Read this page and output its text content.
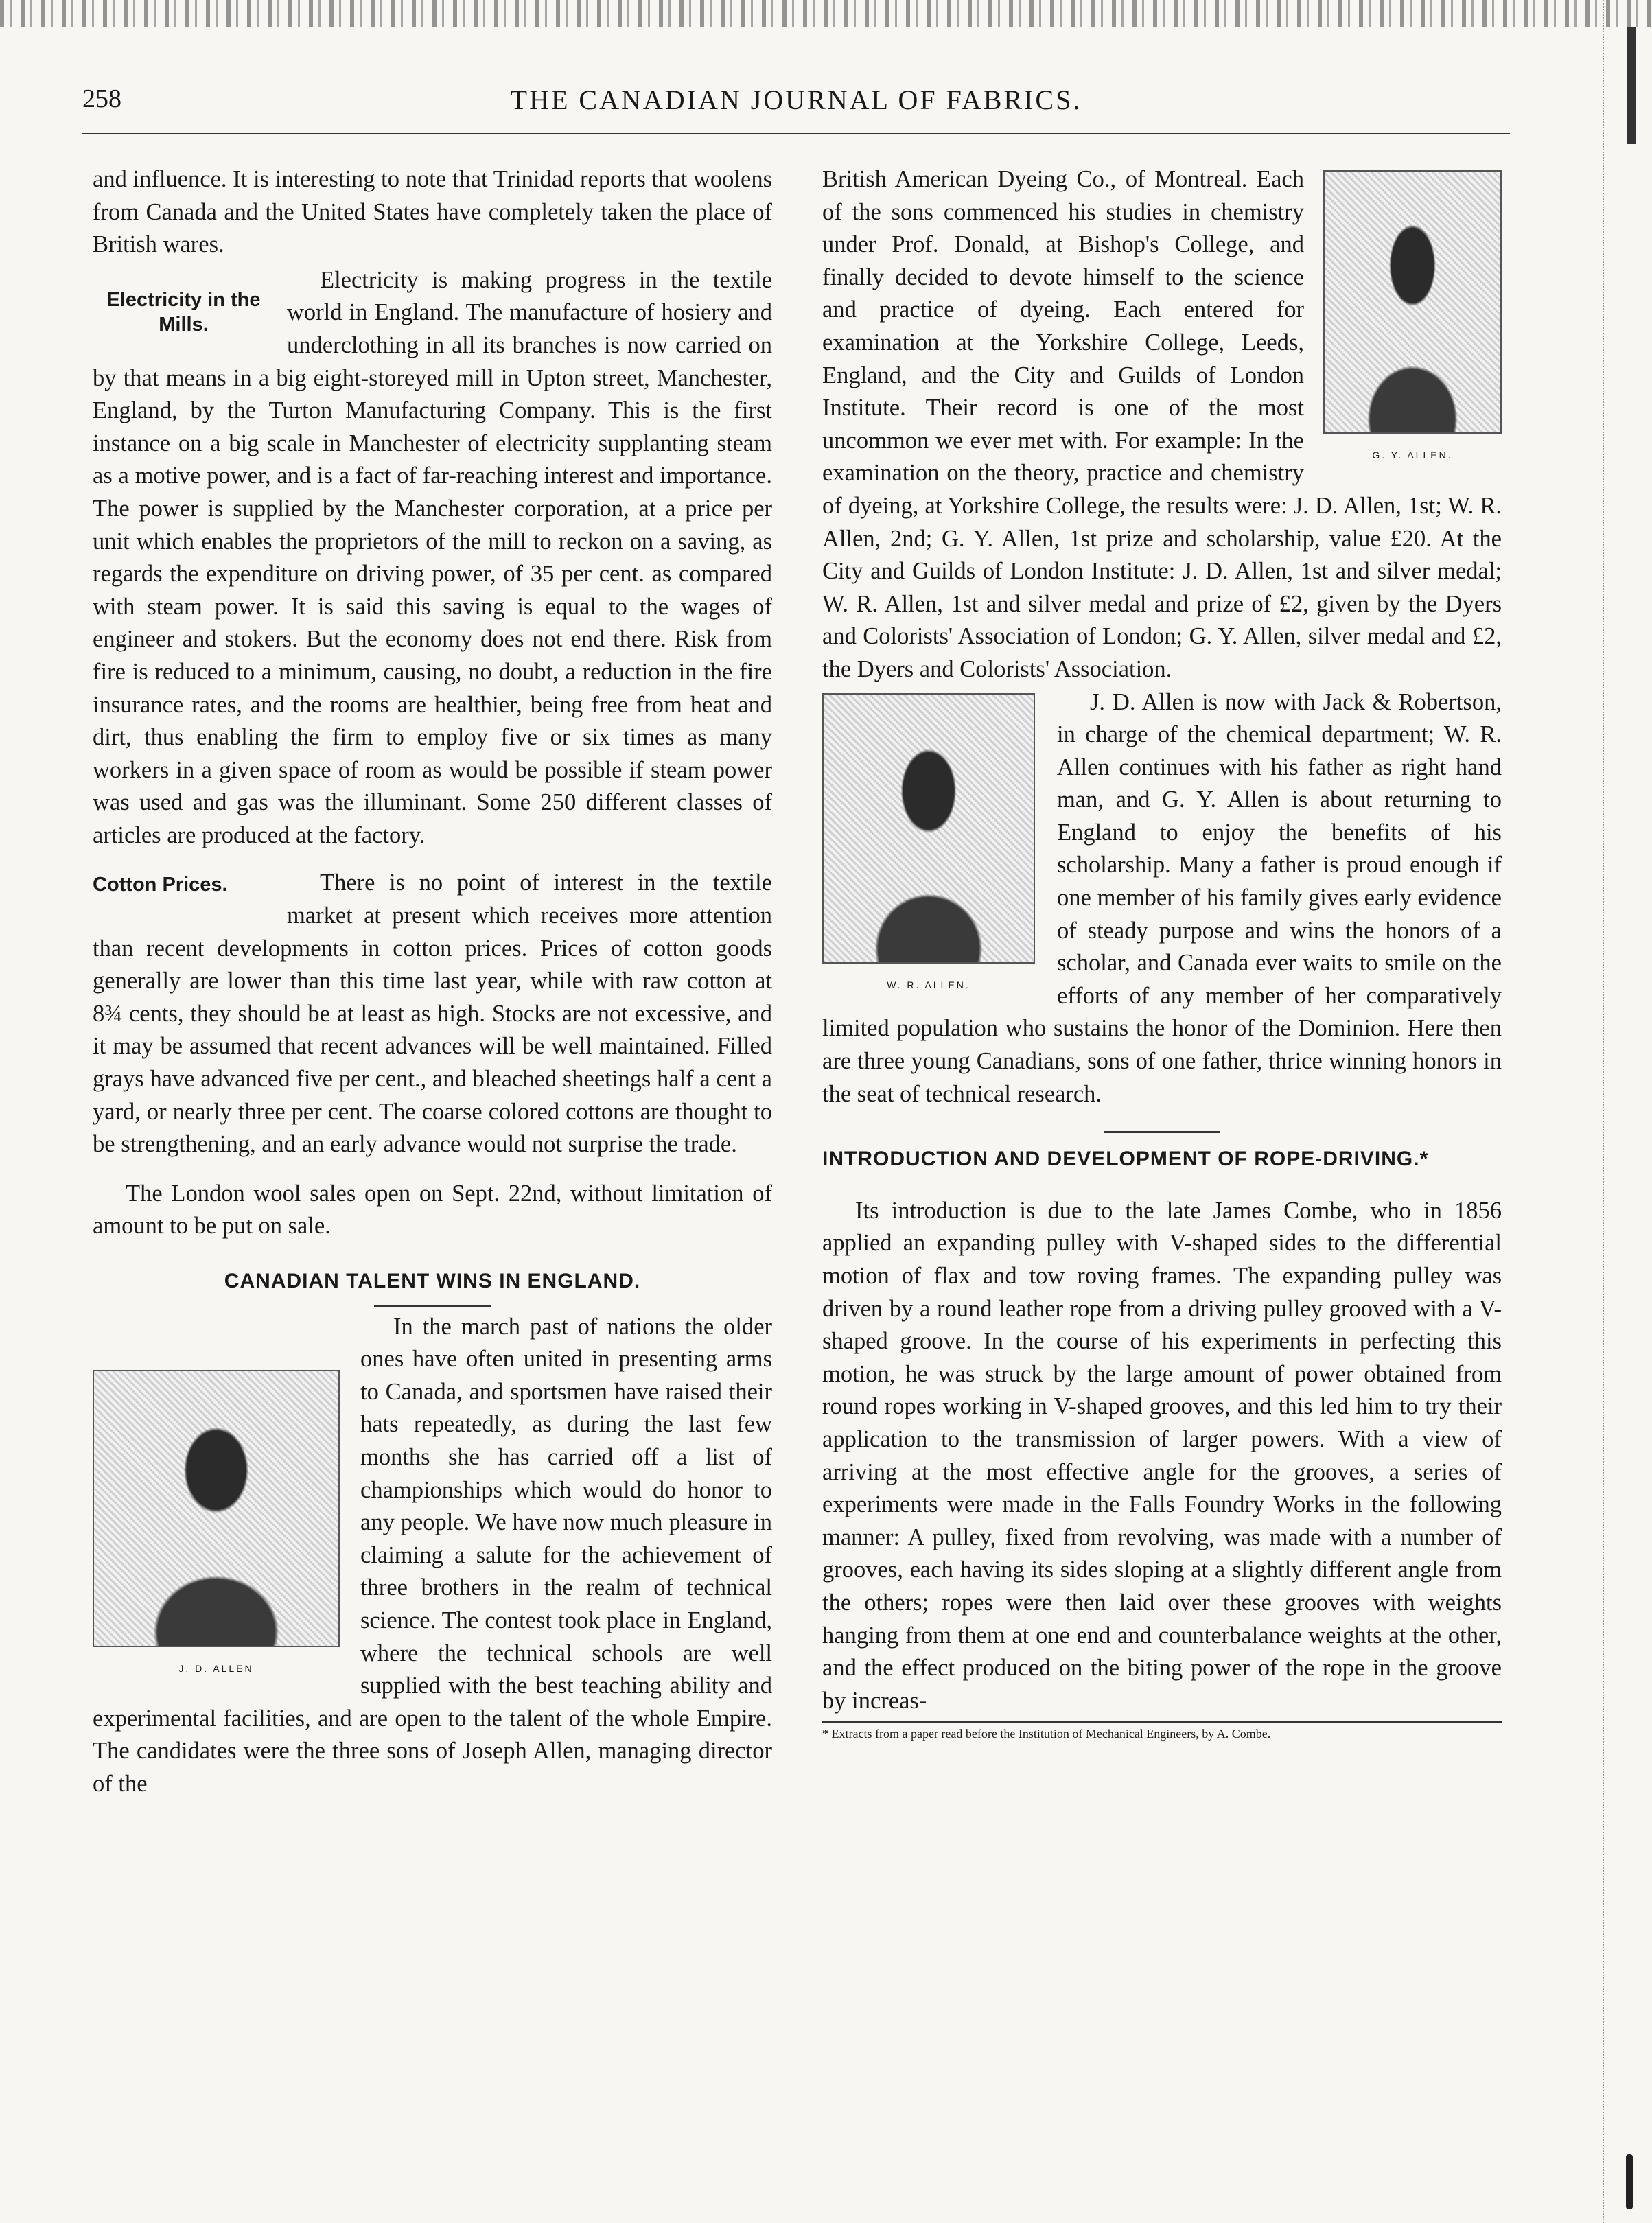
258	THE CANADIAN JOURNAL OF FABRICS.

and influence. It is interesting to note that Trinidad reports that woolens from Canada and the United States have completely taken the place of British wares.

Electricity in the Mills.

Electricity is making progress in the textile world in England. The manufacture of hosiery and underclothing in all its branches is now carried on by that means in a big eight-storeyed mill in Upton street, Manchester, England, by the Turton Manufacturing Company. This is the first instance on a big scale in Manchester of electricity supplanting steam as a motive power, and is a fact of far-reaching interest and importance. The power is supplied by the Manchester corporation, at a price per unit which enables the proprietors of the mill to reckon on a saving, as regards the expenditure on driving power, of 35 per cent. as compared with steam power. It is said this saving is equal to the wages of engineer and stokers. But the economy does not end there. Risk from fire is reduced to a minimum, causing, no doubt, a reduction in the fire insurance rates, and the rooms are healthier, being free from heat and dirt, thus enabling the firm to employ five or six times as many workers in a given space of room as would be possible if steam power was used and gas was the illuminant. Some 250 different classes of articles are produced at the factory.

Cotton Prices.	There is no point of interest in the textile market at present which receives more attention than recent developments in cotton prices. Prices of cotton goods generally are lower than this time last year, while with raw cotton at 8¾ cents, they should be at least as high. Stocks are not excessive, and it may be assumed that recent advances will be well maintained. Filled grays have advanced five per cent., and bleached sheetings half a cent a yard, or nearly three per cent. The coarse colored cottons are thought to be strengthening, and an early advance would not surprise the trade.

The London wool sales open on Sept. 22nd, without limitation of amount to be put on sale.

CANADIAN TALENT WINS IN ENGLAND.
J. D. ALLEN

In the march past of nations the older ones have often united in presenting arms to Canada, and sportsmen have raised their hats repeatedly, as during the last few months she has carried off a list of championships which would do honor to any people. We have now much pleasure in claiming a salute for the achievement of three brothers in the realm of technical science. The contest took place in England, where the technical schools are well supplied with the best teaching ability and experimental facilities, and are open to the talent of the whole Empire. The candidates were the three sons of Joseph Allen, managing director of the

G. Y. ALLEN.

British American Dyeing Co., of Montreal. Each of the sons commenced his studies in chemistry under Prof. Donald, at Bishop's College, and finally decided to devote himself to the science and practice of dyeing. Each entered for examination at the Yorkshire College, Leeds, England, and the City and Guilds of London Institute. Their record is one of the most uncommon we ever met with. For example: In the examination on the theory, practice and chemistry of dyeing, at Yorkshire College, the results were: J. D. Allen, 1st; W. R. Allen, 2nd; G. Y. Allen, 1st prize and scholarship, value £20. At the City and Guilds of London Institute: J. D. Allen, 1st and silver medal; W. R. Allen, 1st and silver medal and prize of £2, given by the Dyers and Colorists' Association of London; G. Y. Allen, silver medal and £2, the Dyers and Colorists' Association.

W. R. ALLEN.

J. D. Allen is now with Jack & Robertson, in charge of the chemical department; W. R. Allen continues with his father as right hand man, and G. Y. Allen is about returning to England to enjoy the benefits of his scholarship. Many a father is proud enough if one member of his family gives early evidence of steady purpose and wins the honors of a scholar, and Canada ever waits to smile on the efforts of any member of her comparatively limited population who sustains the honor of the Dominion. Here then are three young Canadians, sons of one father, thrice winning honors in the seat of technical research.

INTRODUCTION AND DEVELOPMENT OF ROPE-DRIVING.*

Its introduction is due to the late James Combe, who in 1856 applied an expanding pulley with V-shaped sides to the differential motion of flax and tow roving frames. The expanding pulley was driven by a round leather rope from a driving pulley grooved with a V-shaped groove. In the course of his experiments in perfecting this motion, he was struck by the large amount of power obtained from round ropes working in V-shaped grooves, and this led him to try their application to the transmission of larger powers. With a view of arriving at the most effective angle for the grooves, a series of experiments were made in the Falls Foundry Works in the following manner: A pulley, fixed from revolving, was made with a number of grooves, each having its sides sloping at a slightly different angle from the others; ropes were then laid over these grooves with weights hanging from them at one end and counterbalance weights at the other, and the effect produced on the biting power of the rope in the groove by increas-

* Extracts from a paper read before the Institution of Mechanical Engineers, by A. Combe.
